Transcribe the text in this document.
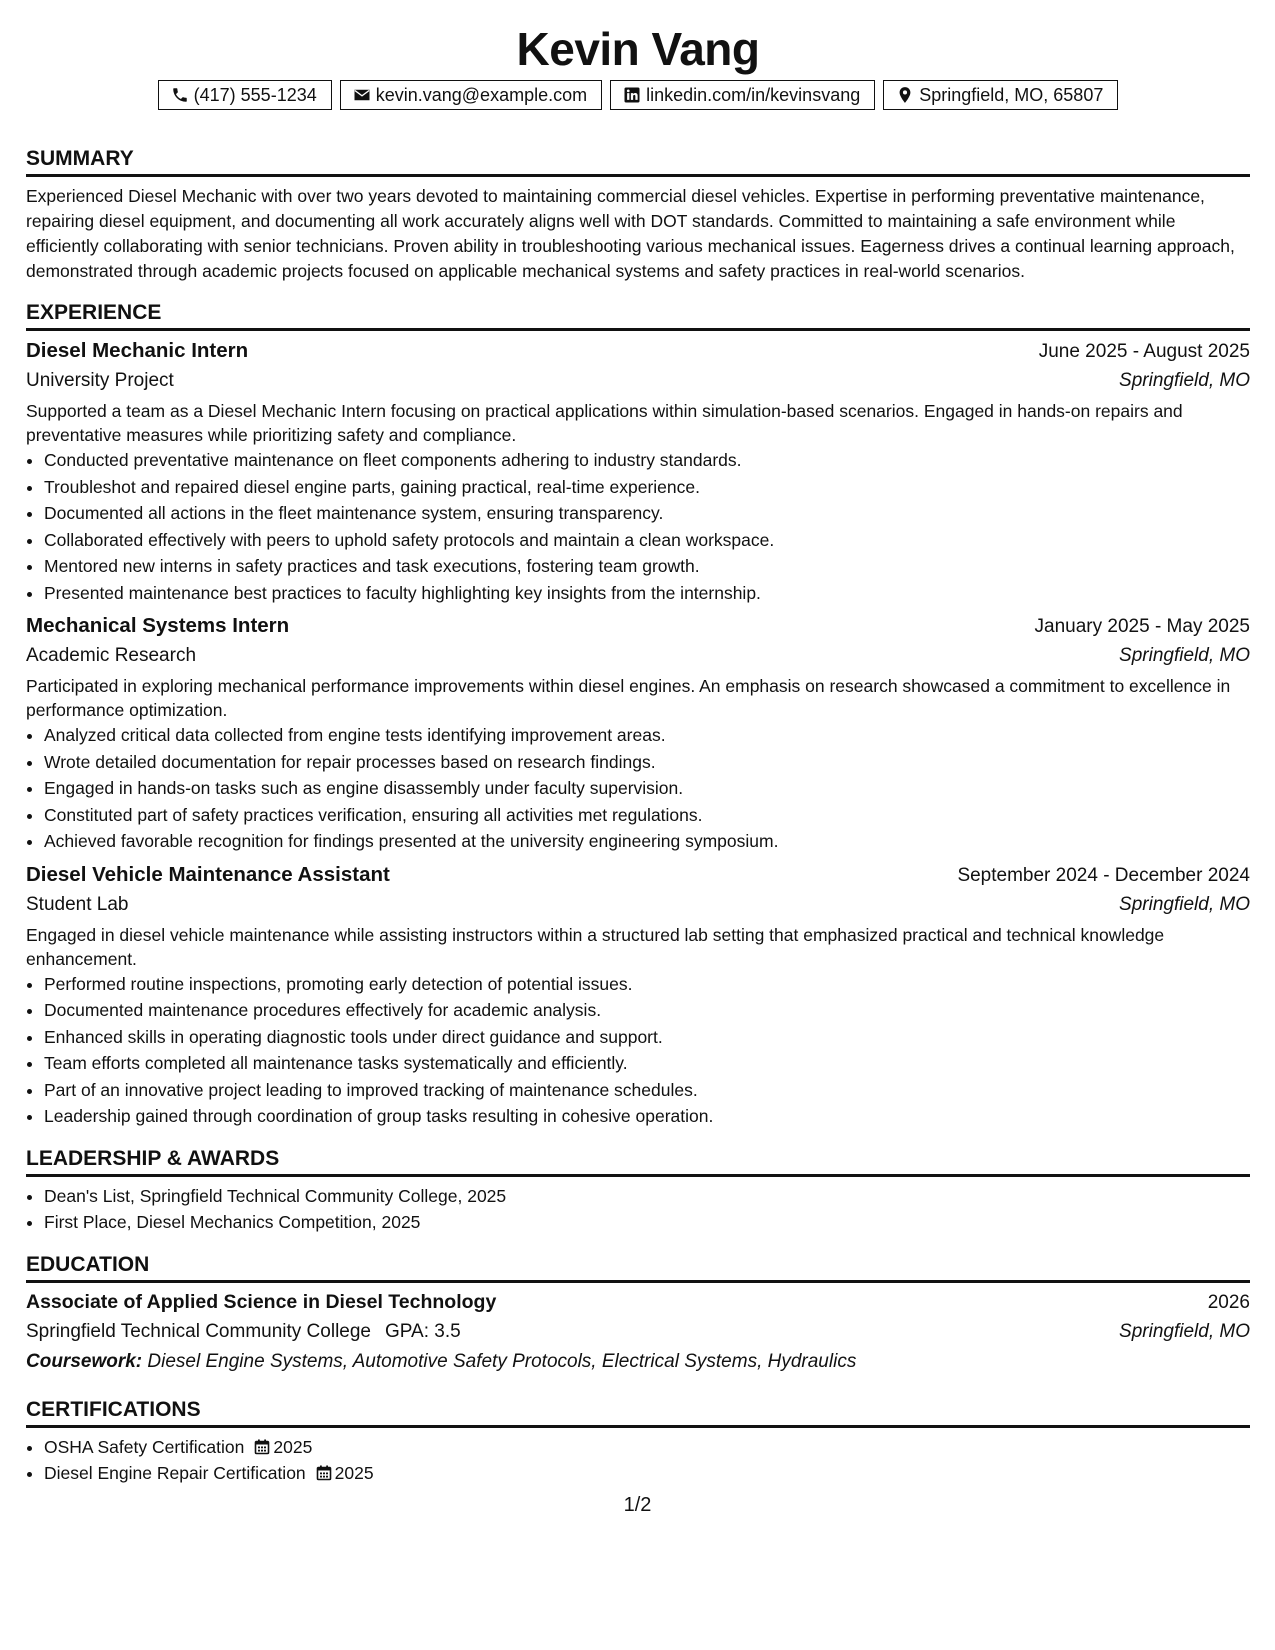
Kevin Vang
(417) 555-1234	kevin.vang@example.com	linkedin.com/in/kevinsvang	Springfield, MO, 65807
SUMMARY

Experienced Diesel Mechanic with over two years devoted to maintaining commercial diesel vehicles. Expertise in performing preventative maintenance, repairing diesel equipment, and documenting all work accurately aligns well with DOT standards. Committed to maintaining a safe environment while efficiently collaborating with senior technicians. Proven ability in troubleshooting various mechanical issues. Eagerness drives a continual learning approach, demonstrated through academic projects focused on applicable mechanical systems and safety practices in real-world scenarios.

EXPERIENCE
Diesel Mechanic Intern	June 2025 - August 2025
University Project	Springfield, MO

Supported a team as a Diesel Mechanic Intern focusing on practical applications within simulation-based scenarios. Engaged in hands-on repairs and preventative measures while prioritizing safety and compliance.

• Conducted preventative maintenance on fleet components adhering to industry standards.
• Troubleshot and repaired diesel engine parts, gaining practical, real-time experience.
• Documented all actions in the fleet maintenance system, ensuring transparency.
• Collaborated effectively with peers to uphold safety protocols and maintain a clean workspace.
• Mentored new interns in safety practices and task executions, fostering team growth.
• Presented maintenance best practices to faculty highlighting key insights from the internship.
Mechanical Systems Intern	January 2025 - May 2025
Academic Research	Springfield, MO

Participated in exploring mechanical performance improvements within diesel engines. An emphasis on research showcased a commitment to excellence in performance optimization.

• Analyzed critical data collected from engine tests identifying improvement areas.
• Wrote detailed documentation for repair processes based on research findings.
• Engaged in hands-on tasks such as engine disassembly under faculty supervision.
• Constituted part of safety practices verification, ensuring all activities met regulations.
• Achieved favorable recognition for findings presented at the university engineering symposium.
Diesel Vehicle Maintenance Assistant	September 2024 - December 2024
Student Lab	Springfield, MO

Engaged in diesel vehicle maintenance while assisting instructors within a structured lab setting that emphasized practical and technical knowledge enhancement.

• Performed routine inspections, promoting early detection of potential issues.
• Documented maintenance procedures effectively for academic analysis.
• Enhanced skills in operating diagnostic tools under direct guidance and support.
• Team efforts completed all maintenance tasks systematically and efficiently.
• Part of an innovative project leading to improved tracking of maintenance schedules.
• Leadership gained through coordination of group tasks resulting in cohesive operation.
LEADERSHIP & AWARDS
• Dean's List, Springfield Technical Community College, 2025
• First Place, Diesel Mechanics Competition, 2025
EDUCATION
Associate of Applied Science in Diesel Technology	2026
Springfield Technical Community College GPA: 3.5	Springfield, MO
Coursework: Diesel Engine Systems, Automotive Safety Protocols, Electrical Systems, Hydraulics
CERTIFICATIONS
• OSHA Safety Certification 2025
• Diesel Engine Repair Certification 2025
1/2
